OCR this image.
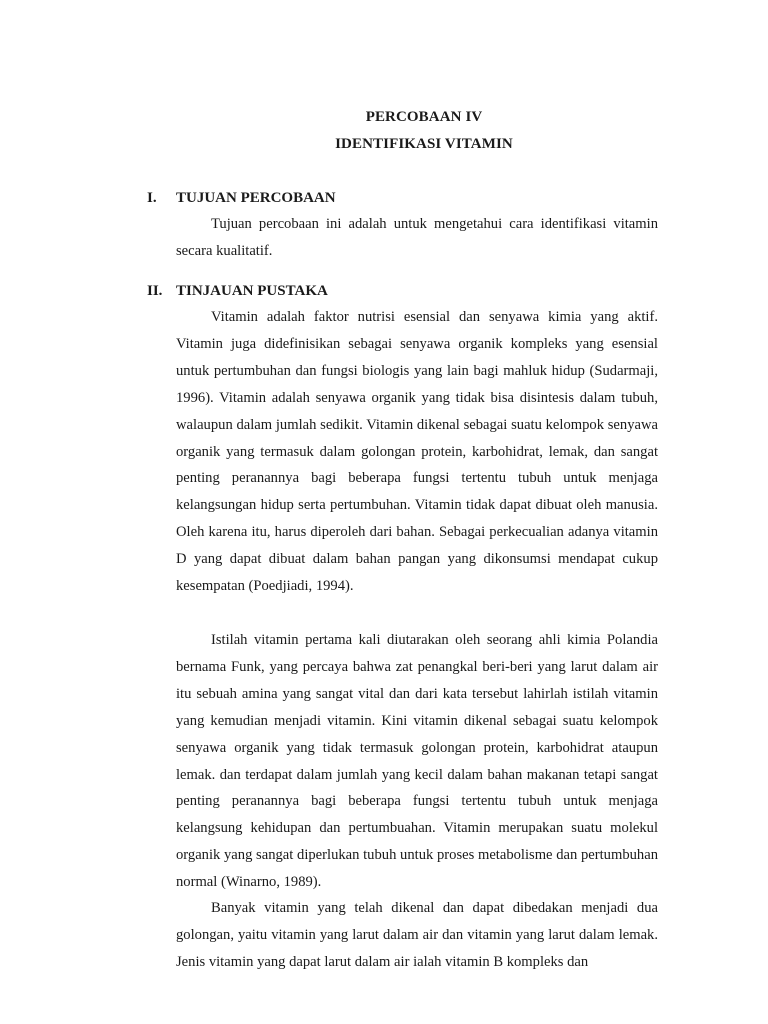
PERCOBAAN IV
IDENTIFIKASI VITAMIN
I. TUJUAN PERCOBAAN

Tujuan percobaan ini adalah untuk mengetahui cara identifikasi vitamin secara kualitatif.

II. TINJAUAN PUSTAKA

Vitamin adalah faktor nutrisi esensial dan senyawa kimia yang aktif. Vitamin juga didefinisikan sebagai senyawa organik kompleks yang esensial untuk pertumbuhan dan fungsi biologis yang lain bagi mahluk hidup (Sudarmaji, 1996). Vitamin adalah senyawa organik yang tidak bisa disintesis dalam tubuh, walaupun dalam jumlah sedikit. Vitamin dikenal sebagai suatu kelompok senyawa organik yang termasuk dalam golongan protein, karbohidrat, lemak, dan sangat penting peranannya bagi beberapa fungsi tertentu tubuh untuk menjaga kelangsungan hidup serta pertumbuhan. Vitamin tidak dapat dibuat oleh manusia. Oleh karena itu, harus diperoleh dari bahan. Sebagai perkecualian adanya vitamin D yang dapat dibuat dalam bahan pangan yang dikonsumsi mendapat cukup kesempatan (Poedjiadi, 1994).

Istilah vitamin pertama kali diutarakan oleh seorang ahli kimia Polandia bernama Funk, yang percaya bahwa zat penangkal beri-beri yang larut dalam air itu sebuah amina yang sangat vital dan dari kata tersebut lahirlah istilah vitamin yang kemudian menjadi vitamin. Kini vitamin dikenal sebagai suatu kelompok senyawa organik yang tidak termasuk golongan protein, karbohidrat ataupun lemak. dan terdapat dalam jumlah yang kecil dalam bahan makanan tetapi sangat penting peranannya bagi beberapa fungsi tertentu tubuh untuk menjaga kelangsung kehidupan dan pertumbuahan. Vitamin merupakan suatu molekul organik yang sangat diperlukan tubuh untuk proses metabolisme dan pertumbuhan normal (Winarno, 1989).

Banyak vitamin yang telah dikenal dan dapat dibedakan menjadi dua golongan, yaitu vitamin yang larut dalam air dan vitamin yang larut dalam lemak. Jenis vitamin yang dapat larut dalam air ialah vitamin B kompleks dan
